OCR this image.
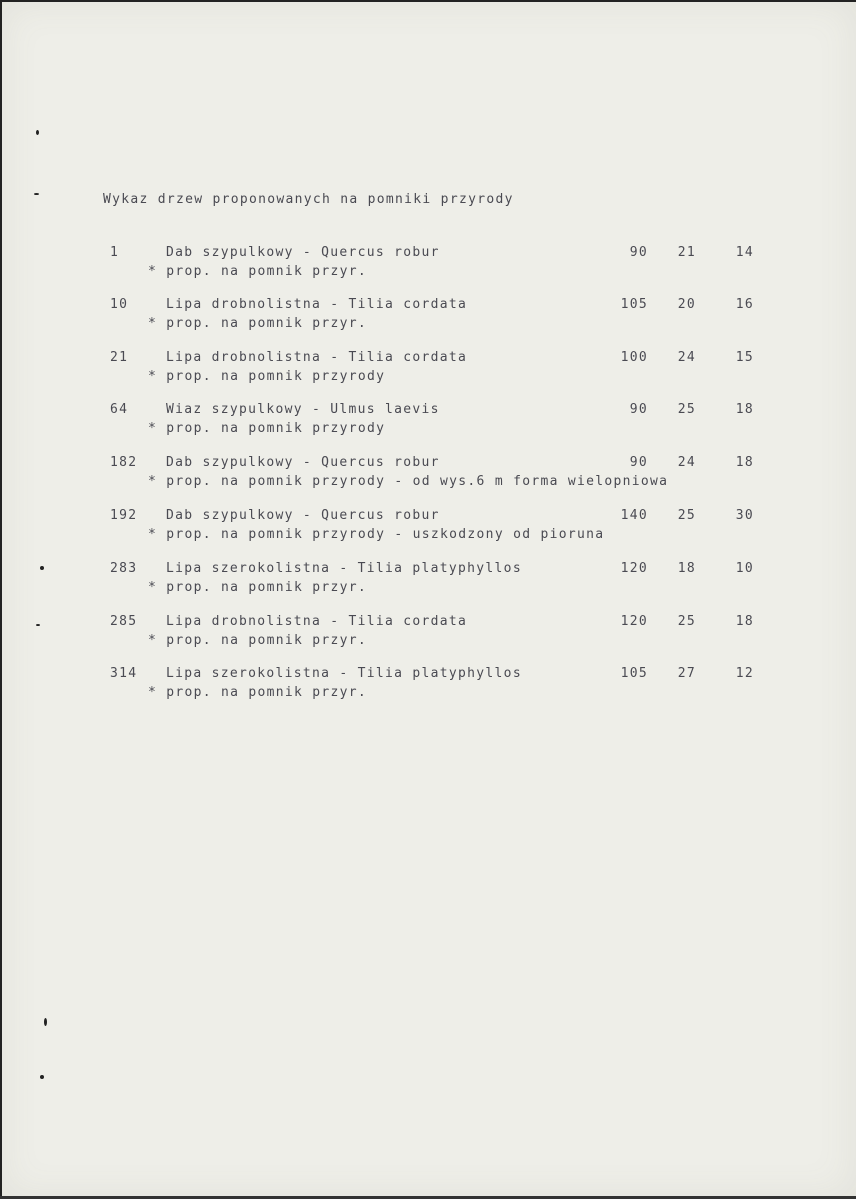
Wykaz drzew proponowanych na pomniki przyrody
1	Dab szypulkowy - Quercus robur	90	21	14
* prop. na pomnik przyr.
10	Lipa drobnolistna - Tilia cordata	105	20	16
* prop. na pomnik przyr.
21	Lipa drobnolistna - Tilia cordata	100	24	15
* prop. na pomnik przyrody
64	Wiaz szypulkowy - Ulmus laevis	90	25	18
* prop. na pomnik przyrody
182	Dab szypulkowy - Quercus robur	90	24	18
* prop. na pomnik przyrody - od wys.6 m forma wielopniowa
192	Dab szypulkowy - Quercus robur	140	25	30
* prop. na pomnik przyrody - uszkodzony od pioruna
283	Lipa szerokolistna - Tilia platyphyllos	120	18	10
* prop. na pomnik przyr.
285	Lipa drobnolistna - Tilia cordata	120	25	18
* prop. na pomnik przyr.
314	Lipa szerokolistna - Tilia platyphyllos	105	27	12
* prop. na pomnik przyr.
